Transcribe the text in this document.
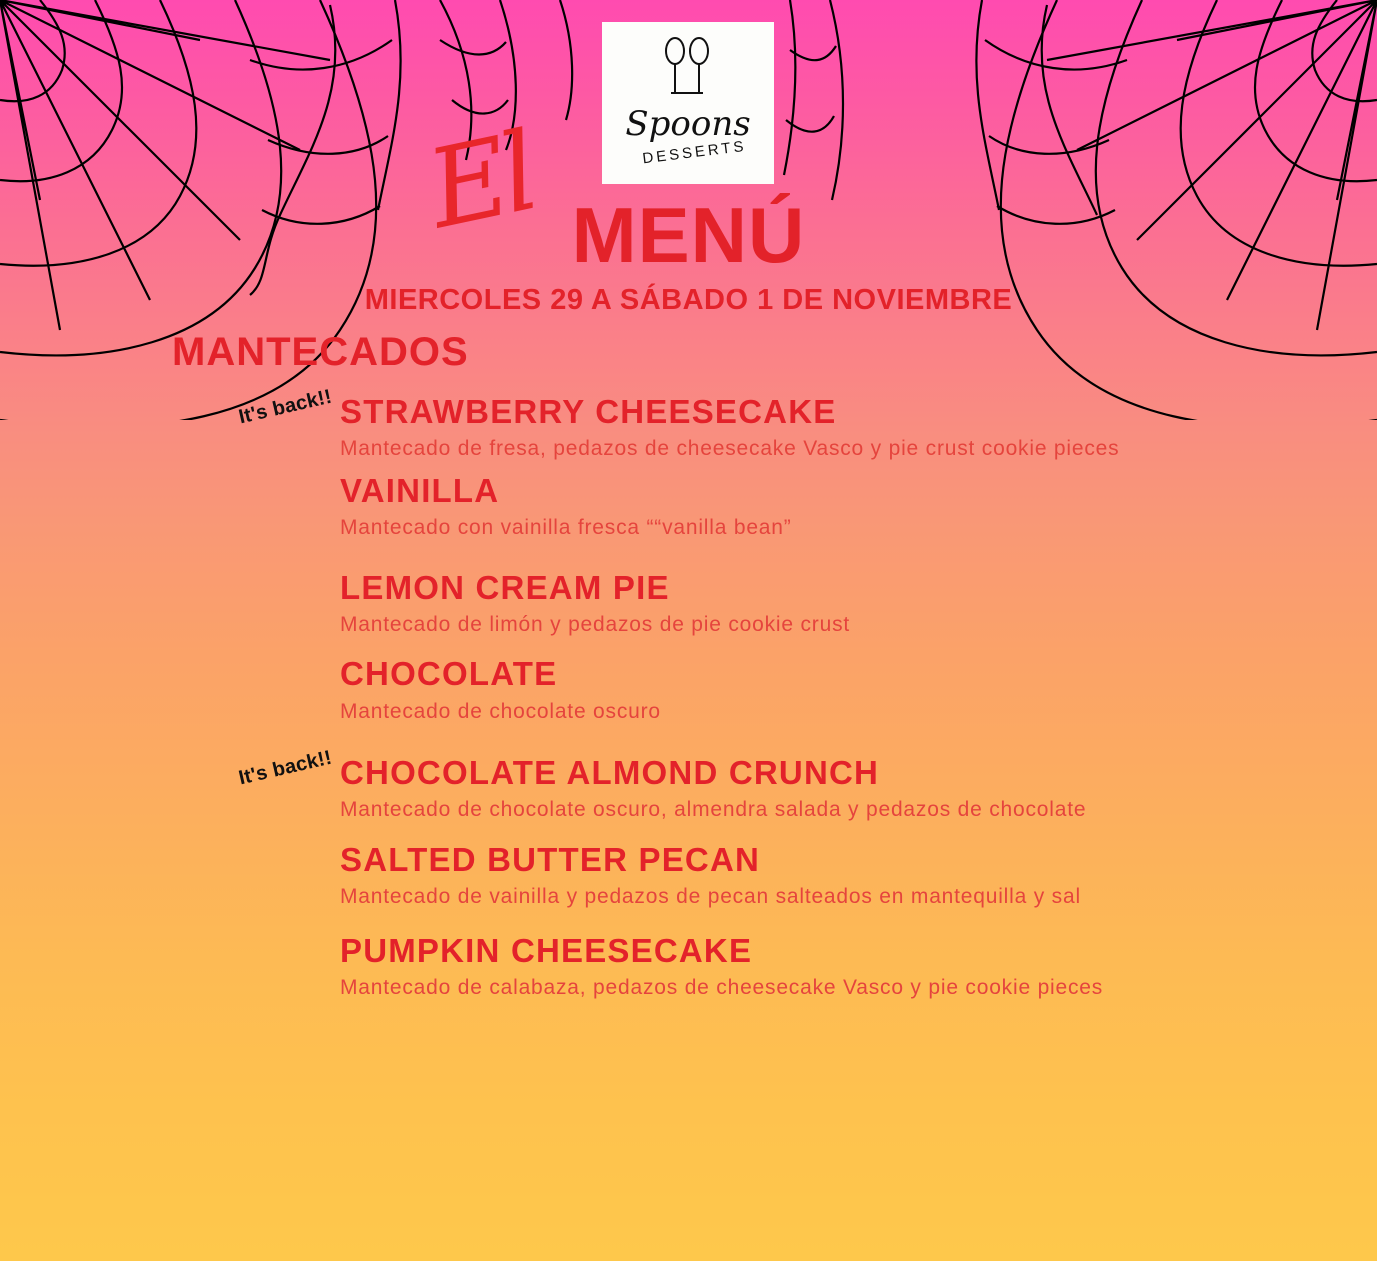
Spoons
DESSERTS
El MENÚ
MIERCOLES 29 A SÁBADO 1 DE NOVIEMBRE
MANTECADOS
It's back!! STRAWBERRY CHEESECAKE
Mantecado de fresa, pedazos de cheesecake Vasco y pie crust cookie pieces
VAINILLA
Mantecado con vainilla fresca ““vanilla bean”
LEMON CREAM PIE
Mantecado de limón y pedazos de pie cookie crust
CHOCOLATE
Mantecado de chocolate oscuro
It's back!! CHOCOLATE ALMOND CRUNCH
Mantecado de chocolate oscuro, almendra salada y pedazos de chocolate
SALTED BUTTER PECAN
Mantecado de vainilla y pedazos de pecan salteados en mantequilla y sal
PUMPKIN CHEESECAKE
Mantecado de calabaza, pedazos de cheesecake Vasco y pie cookie pieces
